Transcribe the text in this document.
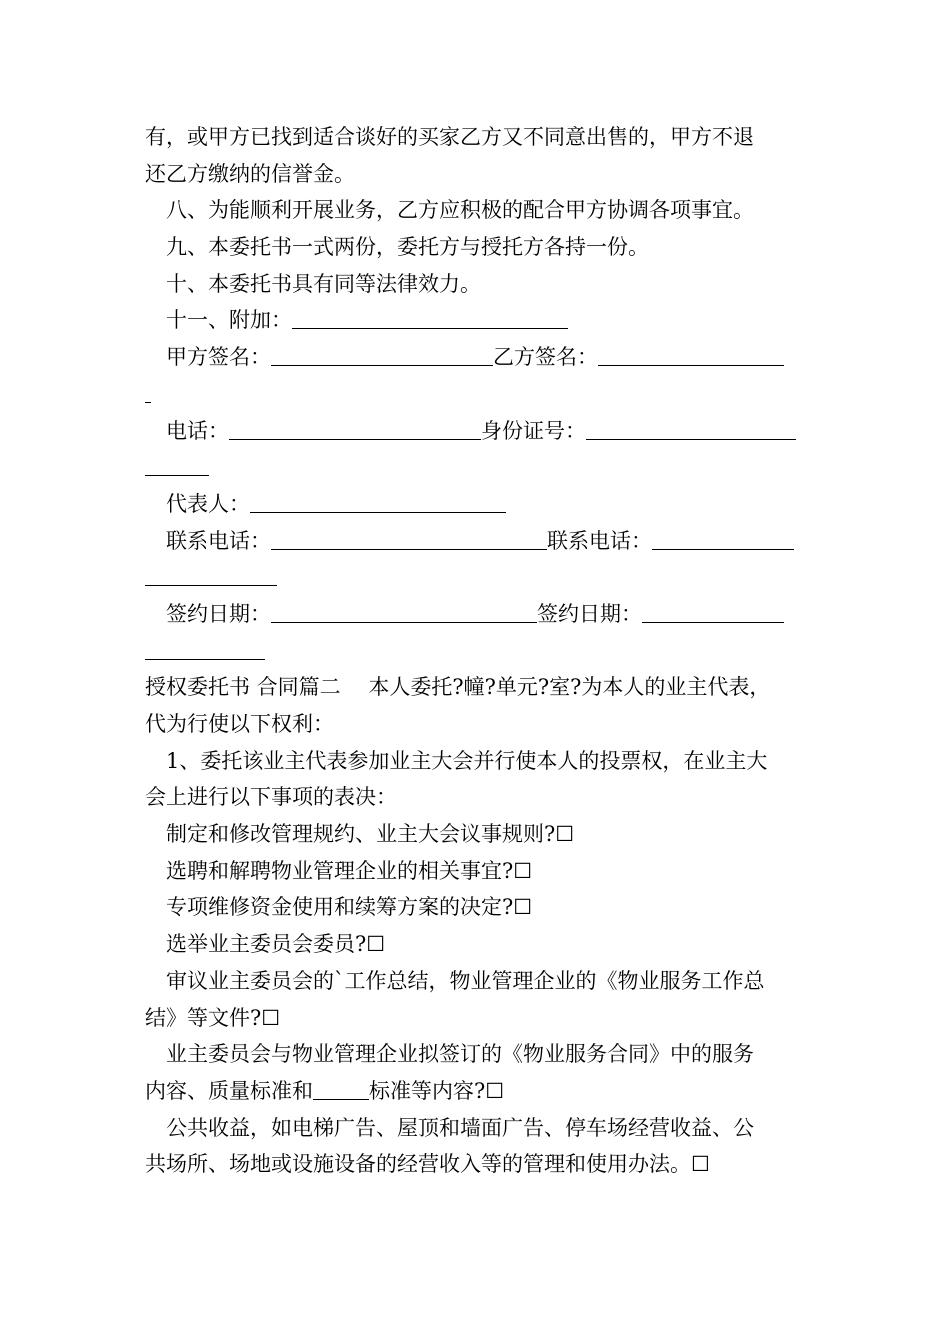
有，或甲方已找到适合谈好的买家乙方又不同意出售的，甲方不退
还乙方缴纳的信誉金。
八、为能顺利开展业务，乙方应积极的配合甲方协调各项事宜。
九、本委托书一式两份，委托方与授托方各持一份。
十、本委托书具有同等法律效力。
十一、附加：
甲方签名：	乙方签名：
电话：	身份证号：
代表人：
联系电话：	联系电话：
签约日期：	签约日期：
授权委托书 合同篇二　 本人委托?幢?单元?室?为本人的业主代表，
代为行使以下权利：
1、委托该业主代表参加业主大会并行使本人的投票权，在业主大
会上进行以下事项的表决：
制定和修改管理规约、业主大会议事规则?☐
选聘和解聘物业管理企业的相关事宜?☐
专项维修资金使用和续筹方案的决定?☐
选举业主委员会委员?☐
审议业主委员会的`工作总结，物业管理企业的《物业服务工作总
结》等文件?☐
业主委员会与物业管理企业拟签订的《物业服务合同》中的服务
内容、质量标准和	标准等内容?☐
公共收益，如电梯广告、屋顶和墙面广告、停车场经营收益、公
共场所、场地或设施设备的经营收入等的管理和使用办法。☐
